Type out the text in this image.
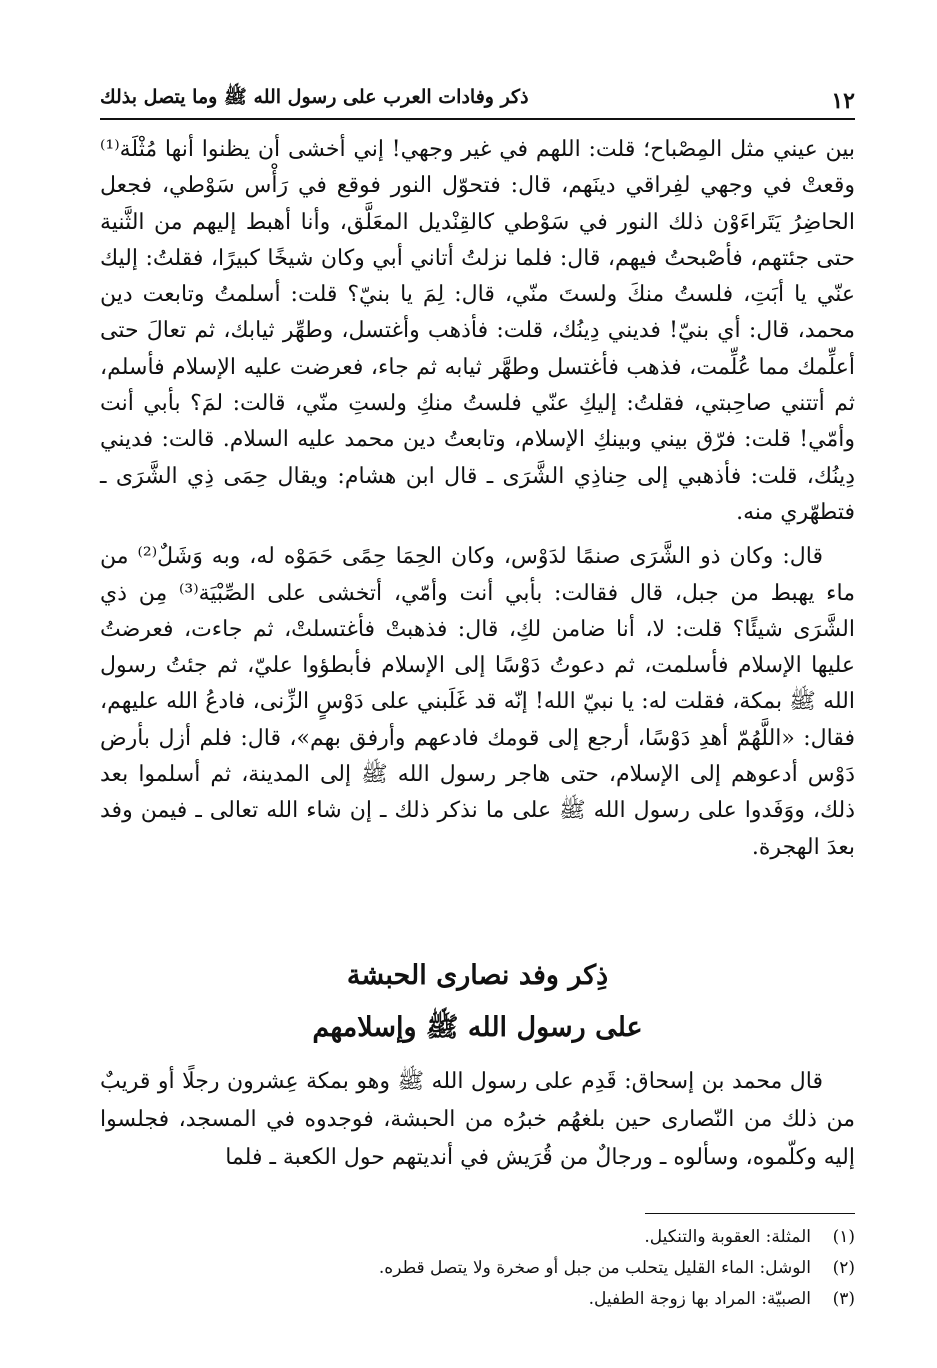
١٢
ذكر وفادات العرب على رسول الله ﷺ وما يتصل بذلك

بين عيني مثل المِصْباح؛ قلت: اللهم في غير وجهي! إني أخشى أن يظنوا أنها مُثْلَة⁽¹⁾ وقعتْ في وجهي لفِراقي دينَهم، قال: فتحوّل النور فوقع في رَأْس سَوْطي، فجعل الحاضِرُ يَتَراءَوْن ذلك النور في سَوْطي كالقِنْديل المعَلَّق، وأنا أهبط إليهم من الثَّنية حتى جئتهم، فأصْبحتُ فيهم، قال: فلما نزلتُ أتاني أبي وكان شيخًا كبيرًا، فقلتُ: إليك عنّي يا أبَتِ، فلستُ منكَ ولستَ منّي، قال: لِمَ يا بنيّ؟ قلت: أسلمتُ وتابعت دين محمد، قال: أي بنيّ! فديني دِينُك، قلت: فأذهب وأغتسل، وطهِّر ثيابك، ثم تعالَ حتى أعلِّمك مما عُلِّمت، فذهب فأغتسل وطهَّر ثيابه ثم جاء، فعرضت عليه الإسلام فأسلم، ثم أتتني صاحِبتي، فقلتُ: إليكِ عنّي فلستُ منكِ ولستِ منّي، قالت: لمَ؟ بأبي أنت وأمّي! قلت: فرّق بيني وبينكِ الإسلام، وتابعتُ دين محمد عليه السلام. قالت: فديني دِينُك، قلت: فأذهبي إلى حِناذِي الشَّرَى ـ قال ابن هشام: ويقال حِمَى ذِي الشَّرَى ـ فتطهّري منه.

قال: وكان ذو الشَّرَى صنمًا لدَوْس، وكان الحِمَا حِمًى حَمَوْه له، وبه وَشَلٌ⁽²⁾ من ماء يهبط من جبل، قال فقالت: بأبي أنت وأمّي، أتخشى على الصِّبْيَة⁽³⁾ مِن ذي الشَّرَى شيئًا؟ قلت: لا، أنا ضامن لكِ، قال: فذهبتْ فأغتسلتْ، ثم جاءت، فعرضتُ عليها الإسلام فأسلمت، ثم دعوتُ دَوْسًا إلى الإسلام فأبطؤوا عليّ، ثم جئتُ رسول الله ﷺ بمكة، فقلت له: يا نبيّ الله! إنّه قد غَلَبني على دَوْسٍ الزِّنى، فادعُ الله عليهم، فقال: «اللَّهُمّ أهدِ دَوْسًا، أرجع إلى قومك فادعهم وأرفق بهم»، قال: فلم أزل بأرض دَوْس أدعوهم إلى الإسلام، حتى هاجر رسول الله ﷺ إلى المدينة، ثم أسلموا بعد ذلك، ووَفَدوا على رسول الله ﷺ على ما نذكر ذلك ـ إن شاء الله تعالى ـ فيمن وفد بعدَ الهجرة.

ذِكر وفد نصارى الحبشة
على رسول الله ﷺ وإسلامهم

قال محمد بن إسحاق: قَدِم على رسول الله ﷺ وهو بمكة عِشرون رجلًا أو قريبٌ من ذلك من النّصارى حين بلغهُم خبرُه من الحبشة، فوجدوه في المسجد، فجلسوا إليه وكلّموه، وسألوه ـ ورجالٌ من قُرَيش في أنديتهم حول الكعبة ـ فلما

(١)
المثلة: العقوبة والتنكيل.
(٢)
الوشل: الماء القليل يتحلب من جبل أو صخرة ولا يتصل قطره.
(٣)
الصبيّة: المراد بها زوجة الطفيل.
